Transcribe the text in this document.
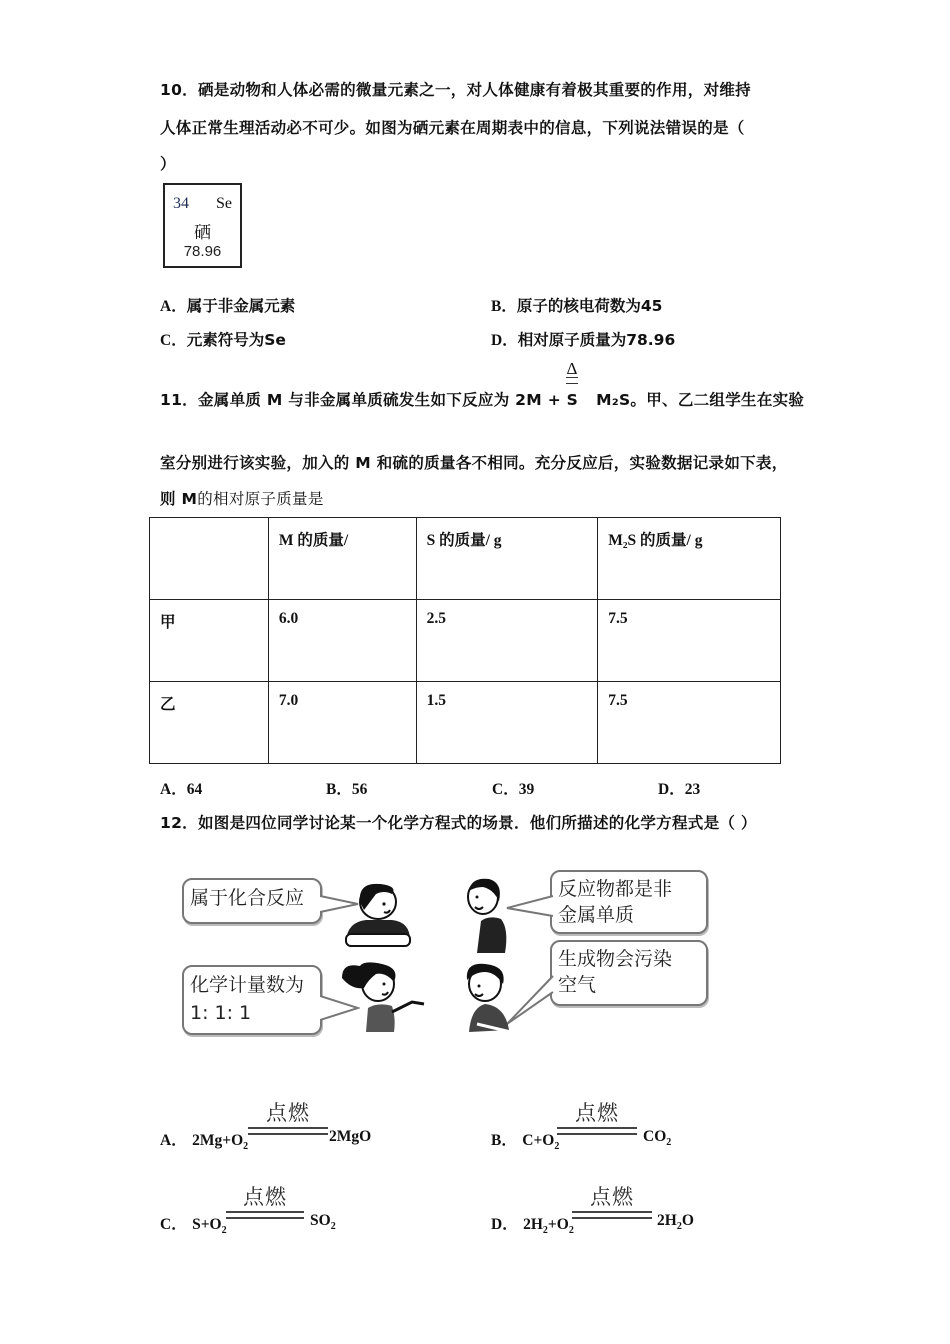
10．硒是动物和人体必需的微量元素之一，对人体健康有着极其重要的作用，对维持
人体正常生理活动必不可少。如图为硒元素在周期表中的信息，下列说法错误的是（
）
34 Se
硒
78.96
A．属于非金属元素	B．原子的核电荷数为45
C．元素符号为Se	D．相对原子质量为78.96
Δ
11．金属单质 M 与非金属单质硫发生如下反应为 2M + S M₂S。甲、乙二组学生在实验
室分别进行该实验，加入的 M 和硫的质量各不相同。充分反应后，实验数据记录如下表，
则 M的相对原子质量是
	M 的质量/	S 的质量/ g	M₂S 的质量/ g
甲	6.0	2.5	7.5
乙	7.0	1.5	7.5
A．64	B．56	C．39	D．23
12．如图是四位同学讨论某一个化学方程式的场景．他们所描述的化学方程式是（ ）
属于化合反应	反应物都是非
金属单质
化学计量数为
1: 1: 1
生成物会污染
空气
A． $2Mg+O_2$
点燃
2MgO	B． $C+O_2$
点燃
$CO_2$
C． $S+O_2$
点燃
$SO_2$	D． $2H_2+O_2$
点燃
$2H_2O$
